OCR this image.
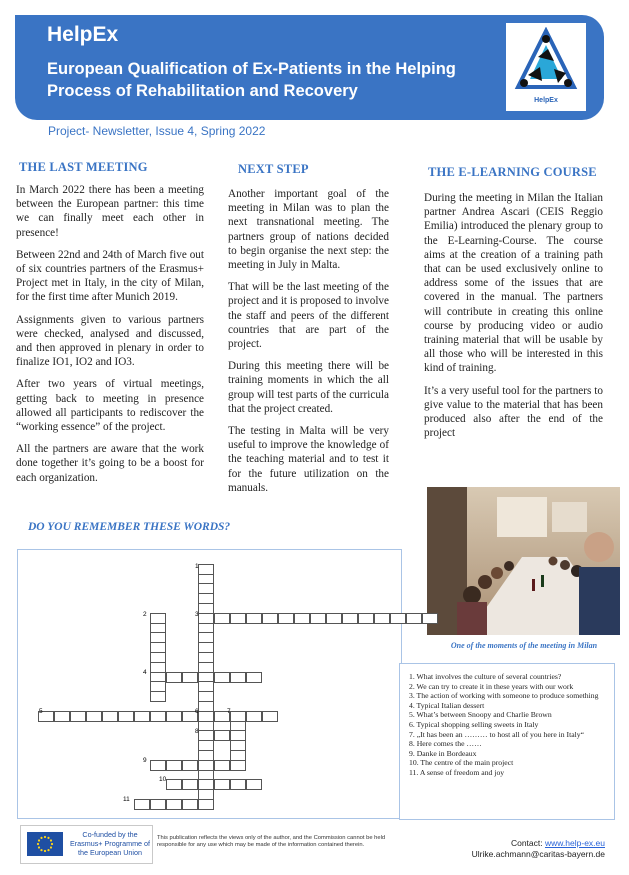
HelpEx
European Qualification of Ex-Patients in the Helping Process of Rehabilitation and Recovery
HelpEx
Project- Newsletter, Issue 4, Spring 2022
THE LAST MEETING

In March 2022 there has been a meeting between the European partner: this time we can finally meet each other in presence!

Between 22nd and 24th of March five out of six countries partners of the Erasmus+ Project met in Italy, in the city of Milan, for the first time after Munich 2019.

Assignments given to various partners were checked, analysed and discussed, and then approved in plenary in order to finalize IO1, IO2 and IO3.

After two years of virtual meetings, getting back to meeting in presence allowed all participants to rediscover the “working essence” of the project.

All the partners are aware that the work done together it’s going to be a boost for each organization.

NEXT STEP

Another important goal of the meeting in Milan was to plan the next transnational meeting. The partners group of nations decided to begin organise the next step: the meeting in July in Malta.

That will be the last meeting of the project and it is proposed to involve the staff and peers of the different countries that are part of the project.

During this meeting there will be training moments in which the all group will test parts of the curricula that the project created.

The testing in Malta will be very useful to improve the knowledge of the teaching material and to test it for the future utilization on the manuals.

THE E-LEARNING COURSE

During the meeting in Milan the Italian partner Andrea Ascari (CEIS Reggio Emilia) introduced the plenary group to the E-Learning-Course. The course aims at the creation of a training path that can be used exclusively online to address some of the issues that are covered in the manual. The partners will contribute in creating this online course by producing video or audio training material that will be usable by all those who will be interested in this kind of training.

It’s a very useful tool for the partners to give value to the material that has been produced also after the end of the project

One of the moments of the meeting in Milan
DO YOU REMEMBER THESE WORDS?
1
2	3
4
5	6	7
8
9
10
11
1. What involves the culture of several countries?
2. We can try to create it in these years with our work
3. The action of working with someone to produce something
4. Typical Italian dessert
5. What’s between Snoopy and Charlie Brown
6. Typical shopping selling sweets in Italy
7. „It has been an ……… to host all of you here in Italy“
8. Here comes the ……
9. Danke in Bordeaux
10. The centre of the main project
11. A sense of freedom and joy
Co-funded by the Erasmus+ Programme of the European Union
This publication reflects the views only of the author, and the Commission cannot be held responsible for any use which may be made of the information contained therein.	Contact: www.help-ex.eu
Ulrike.achmann@caritas-bayern.de
